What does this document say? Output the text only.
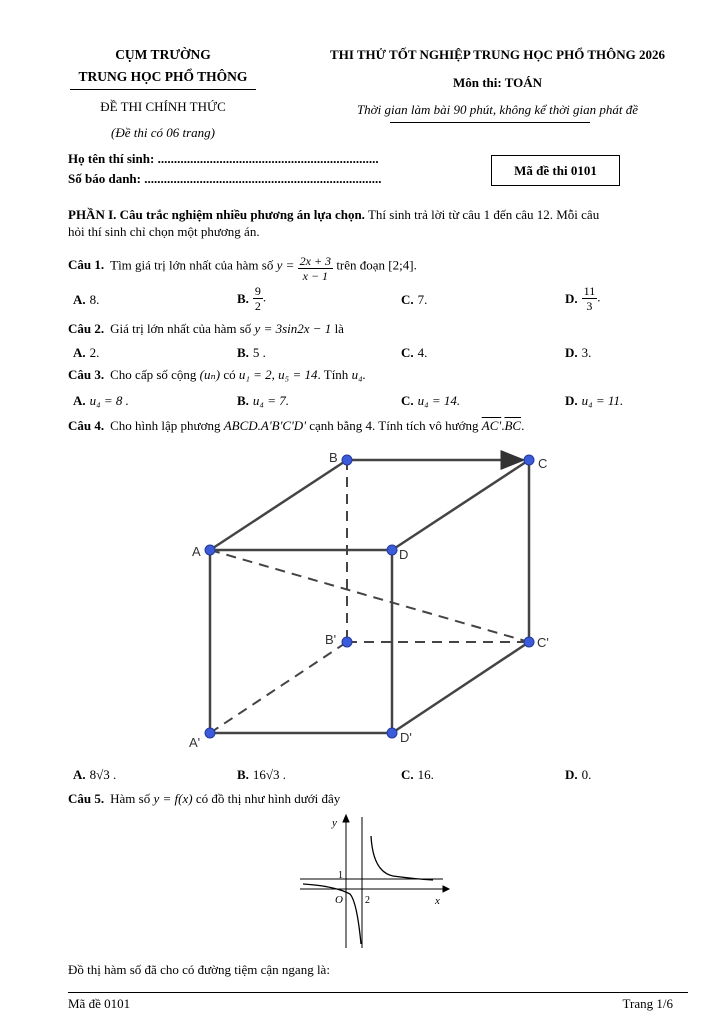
CỤM TRƯỜNG
TRUNG HỌC PHỔ THÔNG
ĐỀ THI CHÍNH THỨC
(Đề thi có 06 trang)
THI THỬ TỐT NGHIỆP TRUNG HỌC PHỔ THÔNG 2026
Môn thi: TOÁN
Thời gian làm bài 90 phút, không kể thời gian phát đề
Họ tên thí sinh: ....................................................................
Số báo danh: .........................................................................
Mã đề thi 0101
PHẦN I. Câu trắc nghiệm nhiều phương án lựa chọn. Thí sinh trả lời từ câu 1 đến câu 12. Mỗi câu
hỏi thí sinh chỉ chọn một phương án.
Câu 1. Tìm giá trị lớn nhất của hàm số $y = \frac{2x + 3}{x - 1}$ trên đoạn [2;4].
A. 8.	B. $\frac{9}{2}$ .	C. 7.	D. $\frac{11}{3}$ .
Câu 2. Giá trị lớn nhất của hàm số y = 3sin2x − 1 là
A. 2.	B. 5 .	C. 4.	D. 3.
Câu 3. Cho cấp số cộng (uₙ) có u₁ = 2, u₅ = 14. Tính u₄.
A. u₄ = 8 .	B. u₄ = 7.	C. u₄ = 14.	D. u₄ = 11.
Câu 4. Cho hình lập phương ABCD.A'B'C'D' cạnh bằng 4. Tính tích vô hướng $AC'.\overline{BC}$.
B	C
A	D
B'	C'
A'	D'
A. 8√3 .	B. 16√3 .	C. 16.	D. 0.
Câu 5. Hàm số y = f(x) có đồ thị như hình dưới đây
y
x
O
1
2
Đồ thị hàm số đã cho có đường tiệm cận ngang là:
Mã đề 0101	Trang 1/6
